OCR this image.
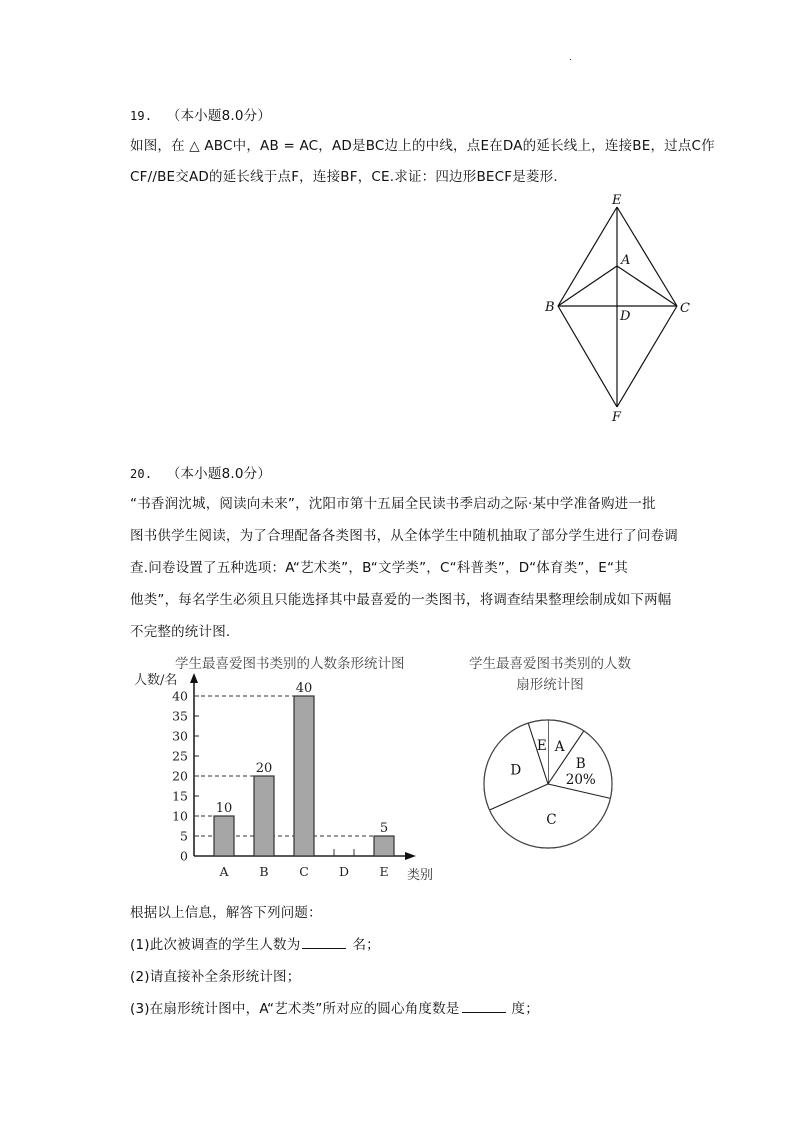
19. （本小题8.0分）
如图，在 △ ABC中，AB = AC，AD是BC边上的中线，点E在DA的延长线上，连接BE，过点C作
CF//BE交AD的延长线于点F，连接BF，CE.求证：四边形BECF是菱形.
E
A
B	C
D
F
20. （本小题8.0分）
“书香润沈城，阅读向未来”，沈阳市第十五届全民读书季启动之际·某中学准备购进一批
图书供学生阅读，为了合理配备各类图书，从全体学生中随机抽取了部分学生进行了问卷调
查.问卷设置了五种选项：A“艺术类”，B“文学类”，C“科普类”，D“体育类”，E“其
他类”，每名学生必须且只能选择其中最喜爱的一类图书，将调查结果整理绘制成如下两幅
不完整的统计图.
学生最喜爱图书类别的人数条形统计图
人数/名
类别
0
5
10
15
20
25
30
35
40
10
A
20
B
40
C D
5
E
学生最喜爱图书类别的人数
扇形统计图
A
B
20%
C
D
E
根据以上信息，解答下列问题：
(1)此次被调查的学生人数为	名；
(2)请直接补全条形统计图；
(3)在扇形统计图中，A“艺术类”所对应的圆心角度数是	度；
